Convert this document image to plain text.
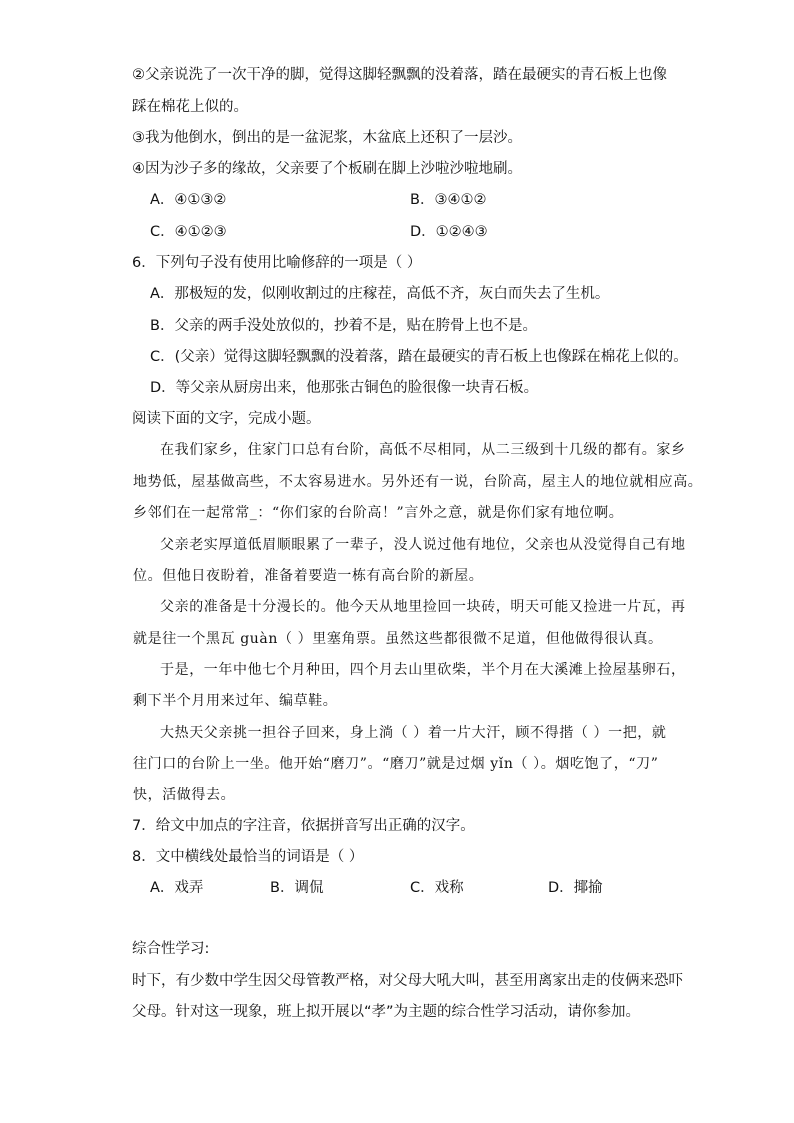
②父亲说洗了一次干净的脚，觉得这脚轻飘飘的没着落，踏在最硬实的青石板上也像
踩在棉花上似的。
③我为他倒水，倒出的是一盆泥浆，木盆底上还积了一层沙。
④因为沙子多的缘故，父亲要了个板刷在脚上沙啦沙啦地刷。
A．④①③②	B．③④①②
C．④①②③	D．①②④③
6．下列句子没有使用比喻修辞的一项是（ ）
A．那极短的发，似刚收割过的庄稼茬，高低不齐，灰白而失去了生机。
B．父亲的两手没处放似的，抄着不是，贴在胯骨上也不是。
C．(父亲）觉得这脚轻飘飘的没着落，踏在最硬实的青石板上也像踩在棉花上似的。
D．等父亲从厨房出来，他那张古铜色的脸很像一块青石板。
阅读下面的文字，完成小题。
在我们家乡，住家门口总有台阶，高低不尽相同，从二三级到十几级的都有。家乡
地势低，屋基做高些，不太容易进水。另外还有一说，台阶高，屋主人的地位就相应高。
乡邻们在一起常常_：“你们家的台阶高！”言外之意，就是你们家有地位啊。
父亲老实厚道低眉顺眼累了一辈子，没人说过他有地位，父亲也从没觉得自己有地
位。但他日夜盼着，准备着要造一栋有高台阶的新屋。
父亲的准备是十分漫长的。他今天从地里捡回一块砖，明天可能又捡进一片瓦，再
就是往一个黑瓦 guàn（ ）里塞角票。虽然这些都很微不足道，但他做得很认真。
于是，一年中他七个月种田，四个月去山里砍柴，半个月在大溪滩上捡屋基卵石，
剩下半个月用来过年、编草鞋。
大热天父亲挑一担谷子回来，身上淌（ ）着一片大汗，顾不得揩（ ）一把，就
往门口的台阶上一坐。他开始“磨刀”。“磨刀”就是过烟 yǐn（ ）。烟吃饱了，“刀”
快，活做得去。
7．给文中加点的字注音，依据拼音写出正确的汉字。
8．文中横线处最恰当的词语是（ ）
A．戏弄	B．调侃	C．戏称	D．揶揄
综合性学习:
时下，有少数中学生因父母管教严格，对父母大吼大叫，甚至用离家出走的伎俩来恐吓
父母。针对这一现象，班上拟开展以“孝”为主题的综合性学习活动，请你参加。
